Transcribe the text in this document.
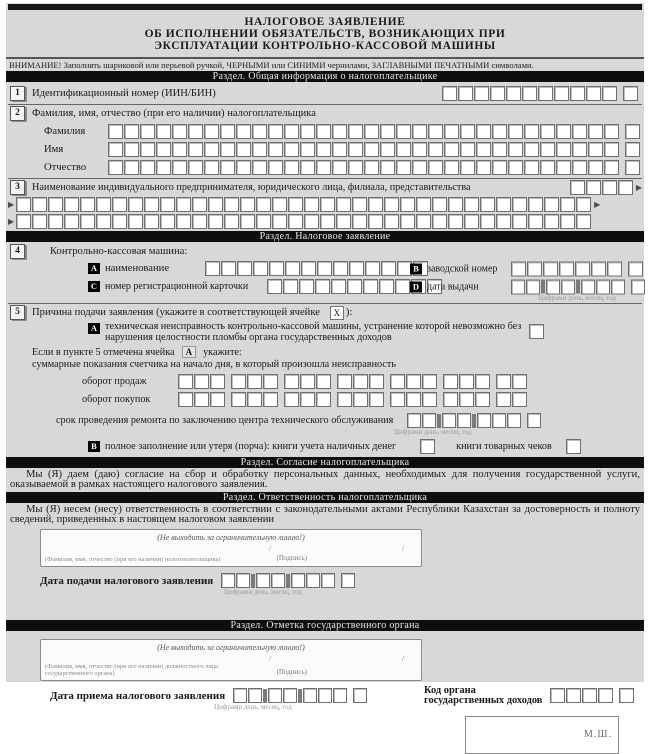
НАЛОГОВОЕ ЗАЯВЛЕНИЕ
ОБ ИСПОЛНЕНИИ ОБЯЗАТЕЛЬСТВ, ВОЗНИКАЮЩИХ ПРИ
ЭКСПЛУАТАЦИИ КОНТРОЛЬНО-КАССОВОЙ МАШИНЫ
ВНИМАНИЕ! Заполнять шариковой или перьевой ручкой, ЧЕРНЫМИ или СИНИМИ чернилами, ЗАГЛАВНЫМИ ПЕЧАТНЫМИ символами.
Раздел. Общая информация о налогоплательщике
1	Идентификационный номер (ИИН/БИН)
2	Фамилия, имя, отчество (при его наличии) налогоплательщика
Фамилия
Имя
Отчество
3	Наименование индивидуального предпринимателя, юридического лица, филиала, представительства	▶
▶	▶
▶
Раздел. Налоговое заявление
4	Контрольно-кассовая машина:
A наименование	B заводской номер
C номер регистрационной карточки	D дата выдачи
Цифрами день, месяц, год
5	Причина подачи заявления (укажите в соответствующей ячейке	X ):
A техническая неисправность контрольно-кассовой машины, устранение которой невозможно без нарушения целостности пломбы органа государственных доходов
Если в пункте 5 отмечена ячейка	А	укажите:
суммарные показания счетчика на начало дня, в который произошла неисправность
оборот продаж
оборот покупок
срок проведения ремонта по заключению центра технического обслуживания
Цифрами день, месяц, год
B полное заполнение или утеря (порча): книги учета наличных денег	книги товарных чеков
Раздел. Согласие налогоплательщика

Мы (Я) даем (даю) согласие на сбор и обработку персональных данных, необходимых для получения государственной услуги, оказываемой в рамках настоящего налогового заявления.

Раздел. Ответственность налогоплательщика

Мы (Я) несем (несу) ответственность в соответствии с законодательными актами Республики Казахстан за достоверность и полноту сведений, приведенных в настоящем налоговом заявлении

(Не выходить за ограничительную линию!)
/	/
(Фамилия, имя, отчество (при его наличии) налогоплательщика)	(Подпись)
Дата подачи налогового заявления
Цифрами день, месяц, год
Раздел. Отметка государственного органа
(Не выходить за ограничительную линию!)
/	/
(Фамилия, имя, отчество (при его наличии) должностного лица государственного органа)	(Подпись)
Дата приема налогового заявления	Код органа
государственных доходов
Цифрами день, месяц, год
М.Ш.
